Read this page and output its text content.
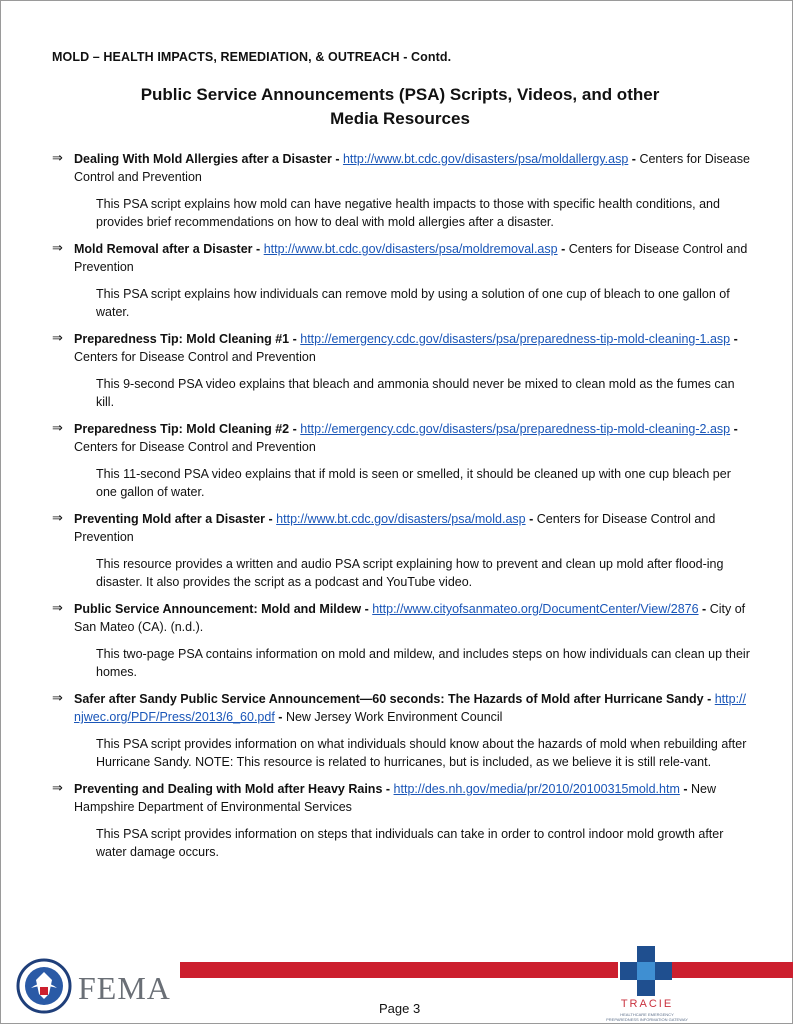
MOLD – HEALTH IMPACTS, REMEDIATION, & OUTREACH - Contd.
Public Service Announcements (PSA) Scripts, Videos, and other
Media Resources
⇒ Dealing With Mold Allergies after a Disaster - http://www.bt.cdc.gov/disasters/psa/moldallergy.asp - Centers for Disease Control and Prevention
This PSA script explains how mold can have negative health impacts to those with specific health conditions, and provides brief recommendations on how to deal with mold allergies after a disaster.
⇒ Mold Removal after a Disaster - http://www.bt.cdc.gov/disasters/psa/moldremoval.asp - Centers for Disease Control and Prevention
This PSA script explains how individuals can remove mold by using a solution of one cup of bleach to one gallon of water.
⇒ Preparedness Tip: Mold Cleaning #1 - http://emergency.cdc.gov/disasters/psa/preparedness-tip-mold-cleaning-1.asp - Centers for Disease Control and Prevention
This 9-second PSA video explains that bleach and ammonia should never be mixed to clean mold as the fumes can kill.
⇒ Preparedness Tip: Mold Cleaning #2 - http://emergency.cdc.gov/disasters/psa/preparedness-tip-mold-cleaning-2.asp - Centers for Disease Control and Prevention
This 11-second PSA video explains that if mold is seen or smelled, it should be cleaned up with one cup bleach per one gallon of water.
⇒ Preventing Mold after a Disaster - http://www.bt.cdc.gov/disasters/psa/mold.asp - Centers for Disease Control and Prevention
This resource provides a written and audio PSA script explaining how to prevent and clean up mold after flood-ing disaster. It also provides the script as a podcast and YouTube video.
⇒ Public Service Announcement: Mold and Mildew - http://www.cityofsanmateo.org/DocumentCenter/View/2876 - City of San Mateo (CA). (n.d.).
This two-page PSA contains information on mold and mildew, and includes steps on how individuals can clean up their homes.
⇒ Safer after Sandy Public Service Announcement—60 seconds: The Hazards of Mold after Hurricane Sandy - http://njwec.org/PDF/Press/2013/6_60.pdf - New Jersey Work Environment Council
This PSA script provides information on what individuals should know about the hazards of mold when rebuilding after Hurricane Sandy. NOTE: This resource is related to hurricanes, but is included, as we believe it is still rele-vant.
⇒ Preventing and Dealing with Mold after Heavy Rains - http://des.nh.gov/media/pr/2010/20100315mold.htm - New Hampshire Department of Environmental Services
This PSA script provides information on steps that individuals can take in order to control indoor mold growth after water damage occurs.
FEMA
Page 3	TRACIE
HEALTHCARE EMERGENCY PREPAREDNESS INFORMATION GATEWAY
